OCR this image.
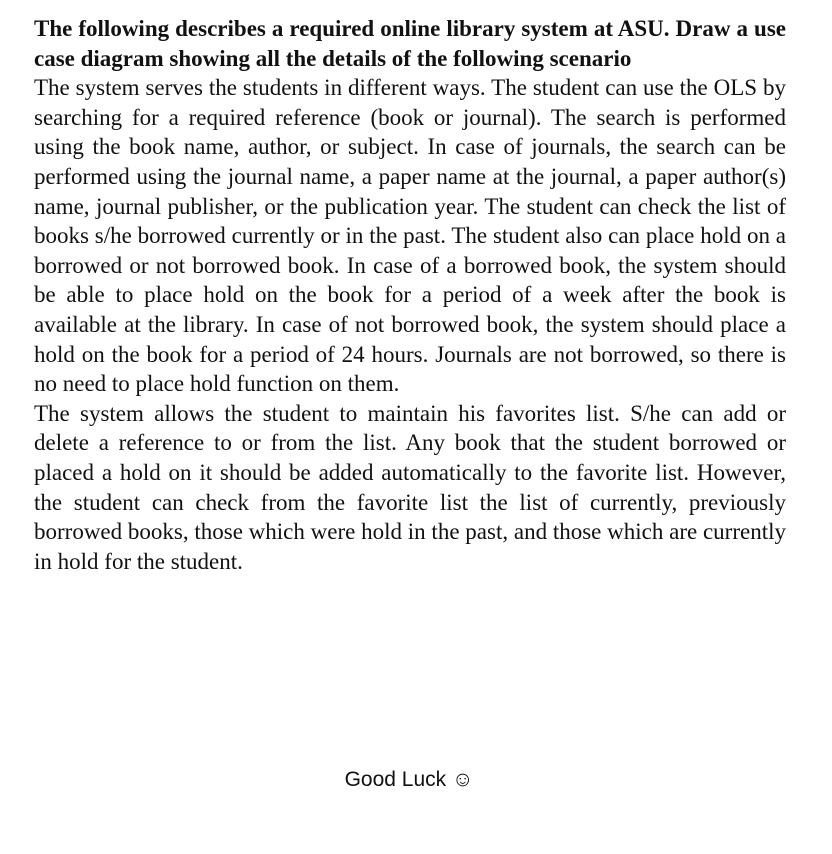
The following describes a required online library system at ASU. Draw a use case diagram showing all the details of the following scenario

The system serves the students in different ways. The student can use the OLS by searching for a required reference (book or journal). The search is performed using the book name, author, or subject. In case of journals, the search can be performed using the journal name, a paper name at the journal, a paper author(s) name, journal publisher, or the publication year. The student can check the list of books s/he borrowed currently or in the past. The student also can place hold on a borrowed or not borrowed book. In case of a borrowed book, the system should be able to place hold on the book for a period of a week after the book is available at the library. In case of not borrowed book, the system should place a hold on the book for a period of 24 hours. Journals are not borrowed, so there is no need to place hold function on them.

The system allows the student to maintain his favorites list. S/he can add or delete a reference to or from the list. Any book that the student borrowed or placed a hold on it should be added automatically to the favorite list. However, the student can check from the favorite list the list of currently, previously borrowed books, those which were hold in the past, and those which are currently in hold for the student.

Good Luck ☺
